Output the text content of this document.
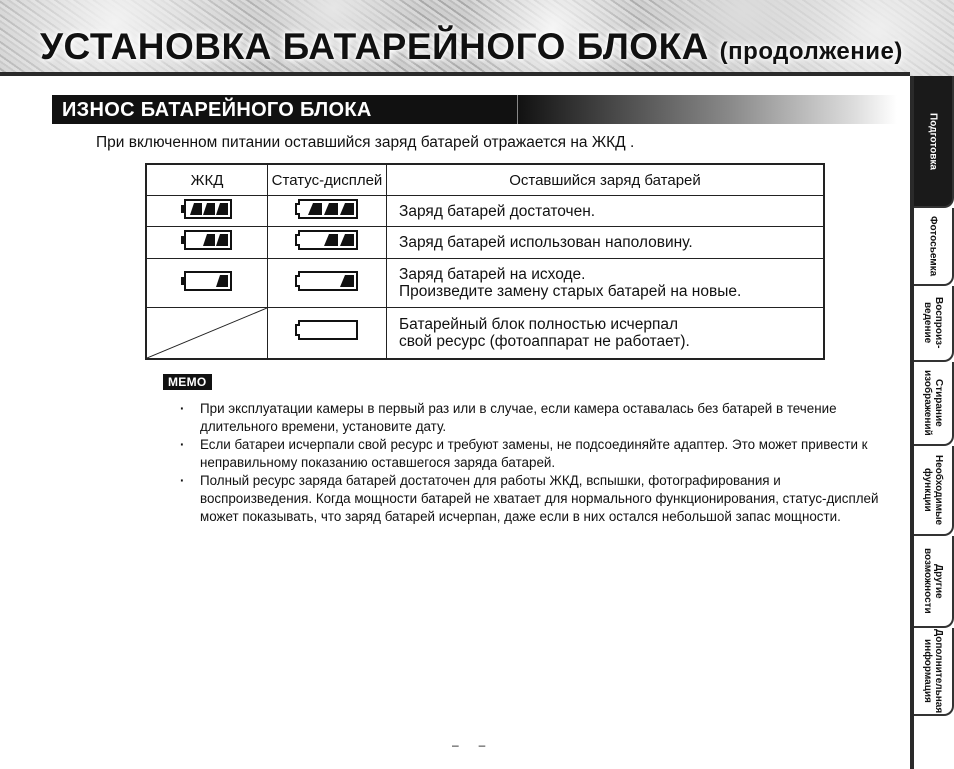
УСТАНОВКА БАТАРЕЙНОГО БЛОКА (продолжение)
Подготовка
Фотосьемка
Воспроиз-
ведение
Стирание
изображений
Необходимые
функции
Другие
возможности
Дополнительная
информация
ИЗНОС БАТАРЕЙНОГО БЛОКА
При включенном питании оставшийся заряд батарей отражается на ЖКД .
ЖКД	Статус-дисплей	Оставшийся заряд батарей
		Заряд батарей достаточен.
		Заряд батарей использован наполовину.
		Заряд батарей на исходе.
Произведите замену старых батарей на новые.

		Батарейный блок полностью исчерпал
свой ресурс (фотоаппарат не работает).
MEMO
· При эксплуатации камеры в первый раз или в случае, если камера оставалась без батарей в течение длительного времени, установите дату.
· Если батареи исчерпали свой ресурс и требуют замены, не подсоединяйте адаптер. Это может привести к неправильному показанию оставшегося заряда батарей.
· Полный ресурс заряда батарей достаточен для работы ЖКД, вспышки, фотографирования и воспроизведения. Когда мощности батарей не хватает для нормального функционирования, статус-дисплей может показывать, что заряд батарей исчерпан, даже если в них остался небольшой запас мощности.
–      –
